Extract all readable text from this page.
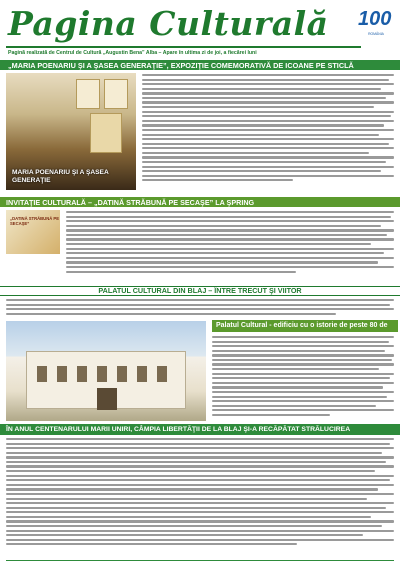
Pagina Culturală
Pagină realizată de Centrul de Cultură „Augustin Bena” Alba – Apare în ultima zi de joi, a fiecărei luni
100
ROMÂNIA
„MARIA POENARIU ŞI A ŞASEA GENERAŢIE”, EXPOZIŢIE COMEMORATIVĂ DE ICOANE PE STICLĂ
MARIA POENARIU ŞI A ŞASEA GENERAŢIE
INVITAŢIE CULTURALĂ – „DATINĂ STRĂBUNĂ PE SECAŞE” LA ŞPRING
„DATINĂ STRĂBUNĂ PE SECAŞE”
PALATUL CULTURAL DIN BLAJ – ÎNTRE TRECUT ŞI VIITOR
Palatul Cultural - edificiu cu o istorie de peste 80 de
ÎN ANUL CENTENARULUI MARII UNIRI, CÂMPIA LIBERTĂŢII DE LA BLAJ ŞI-A RECĂPĂTAT STRĂLUCIREA
